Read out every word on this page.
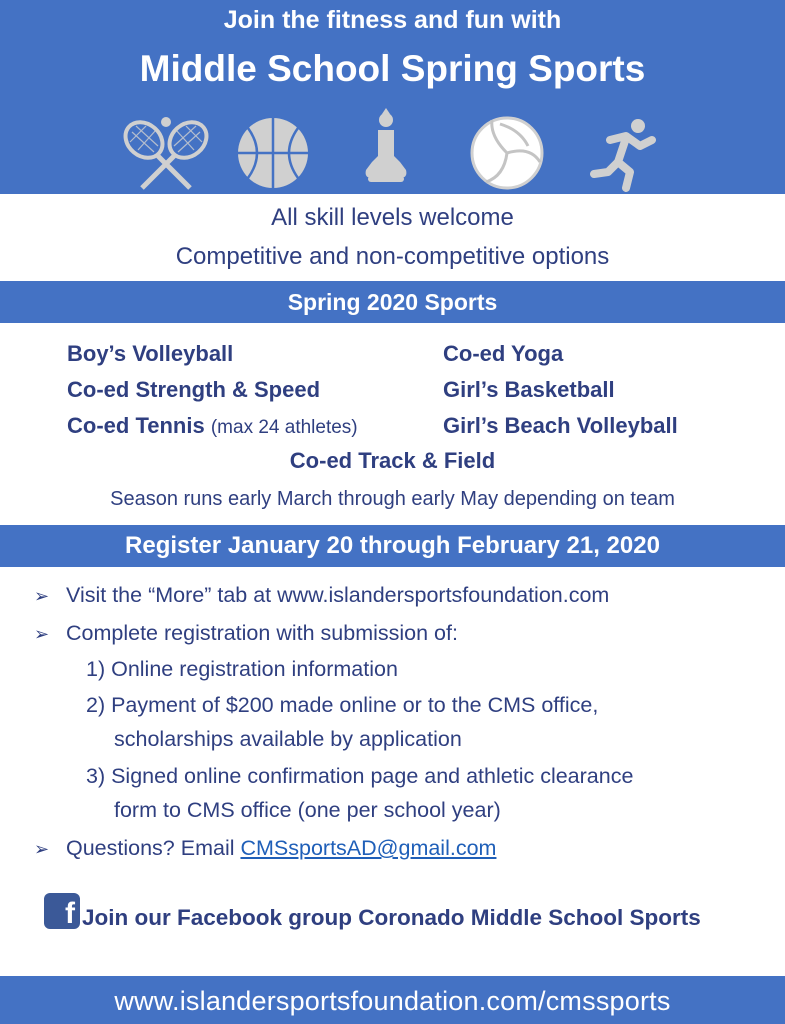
Join the fitness and fun with
Middle School Spring Sports
All skill levels welcome
Competitive and non-competitive options
Spring 2020 Sports
Boy’s Volleyball
Co-ed Strength & Speed
Co-ed Tennis (max 24 athletes)
Co-ed Yoga
Girl’s Basketball
Girl’s Beach Volleyball
Co-ed Track & Field
Season runs early March through early May depending on team
Register January 20 through February 21, 2020
➢ Visit the “More” tab at www.islandersportsfoundation.com
➢ Complete registration with submission of:
1) Online registration information
2) Payment of $200 made online or to the CMS office,
scholarships available by application
3) Signed online confirmation page and athletic clearance
form to CMS office (one per school year)
➢ Questions? Email CMSsportsAD@gmail.com
f Join our Facebook group Coronado Middle School Sports
www.islandersportsfoundation.com/cmssports
